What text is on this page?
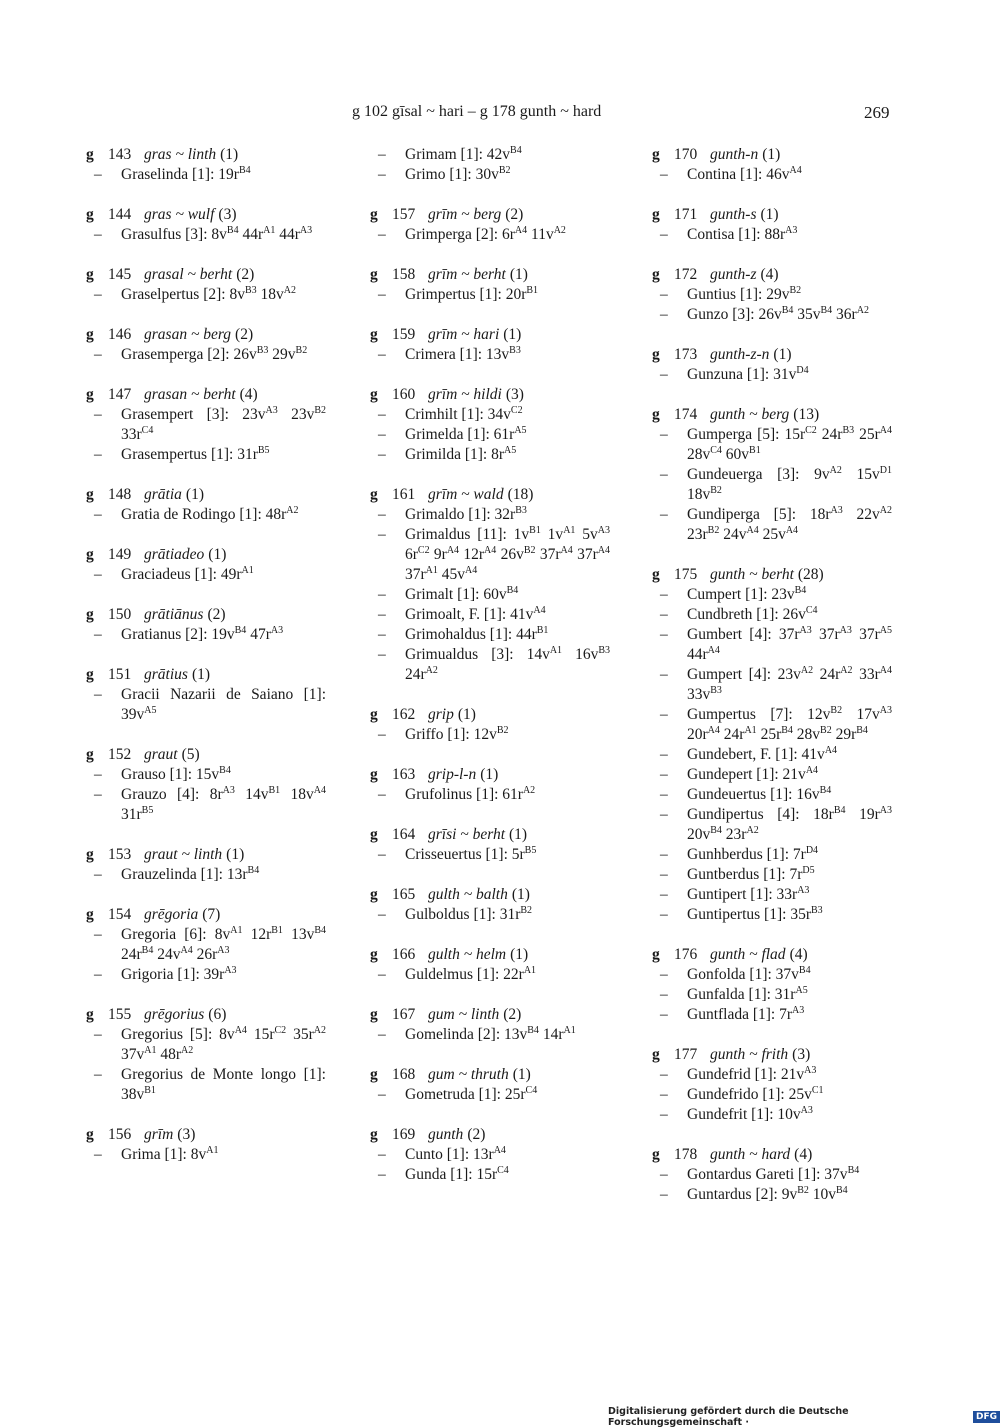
g 102 gīsal ~ hari – g 178 gunth ~ hard	269
g 143 gras ~ linth (1)
–	Graselinda [1]: $19r^{B4}$
g 144 gras ~ wulf (3)
–	Grasulfus [3]: $8v^{B4}$ $44r^{A1}$ $44r^{A3}$
g 145 grasal ~ berht (2)
–	Graselpertus [2]: $8v^{B3}$ $18v^{A2}$
g 146 grasan ~ berg (2)
–	Grasemperga [2]: $26v^{B3}$ $29v^{B2}$
g 147 grasan ~ berht (4)
–	Grasempert [3]: $23v^{A3}$ $23v^{B2}$ $33r^{C4}$
–	Grasempertus [1]: $31r^{B5}$
g 148 grātia (1)
–	Gratia de Rodingo [1]: $48r^{A2}$
g 149 grātiadeo (1)
–	Graciadeus [1]: $49r^{A1}$
g 150 grātiānus (2)
–	Gratianus [2]: $19v^{B4}$ $47r^{A3}$
g 151 grātius (1)
–	Gracii Nazarii de Saiano [1]: $39v^{A5}$
g 152 graut (5)
–	Grauso [1]: $15v^{B4}$
–	Grauzo [4]: $8r^{A3}$ $14v^{B1}$ $18v^{A4}$ $31r^{B5}$
g 153 graut ~ linth (1)
–	Grauzelinda [1]: $13r^{B4}$
g 154 grēgoria (7)
–	Gregoria [6]: $8v^{A1}$ $12r^{B1}$ $13v^{B4}$ $24r^{B4}$ $24v^{A4}$ $26r^{A3}$
–	Grigoria [1]: $39r^{A3}$
g 155 grēgorius (6)
–	Gregorius [5]: $8v^{A4}$ $15r^{C2}$ $35r^{A2}$ $37v^{A1}$ $48r^{A2}$
–	Gregorius de Monte longo [1]: $38v^{B1}$
g 156 grīm (3)
–	Grima [1]: $8v^{A1}$
–	Grimam [1]: $42v^{B4}$
–	Grimo [1]: $30v^{B2}$
g 157 grīm ~ berg (2)
–	Grimperga [2]: $6r^{A4}$ $11v^{A2}$
g 158 grīm ~ berht (1)
–	Grimpertus [1]: $20r^{B1}$
g 159 grīm ~ hari (1)
–	Crimera [1]: $13v^{B3}$
g 160 grīm ~ hildi (3)
–	Crimhilt [1]: $34v^{C2}$
–	Grimelda [1]: $61r^{A5}$
–	Grimilda [1]: $8r^{A5}$
g 161 grīm ~ wald (18)
–	Grimaldo [1]: $32r^{B3}$
–	Grimaldus [11]: $1v^{B1}$ $1v^{A1}$ $5v^{A3}$ $6r^{C2}$ $9r^{A4}$ $12r^{A4}$ $26v^{B2}$ $37r^{A4}$ $37r^{A4}$ $37r^{A1}$ $45v^{A4}$
–	Grimalt [1]: $60v^{B4}$
–	Grimoalt, F. [1]: $41v^{A4}$
–	Grimohaldus [1]: $44r^{B1}$
–	Grimualdus [3]: $14v^{A1}$ $16v^{B3}$ $24r^{A2}$
g 162 grip (1)
–	Griffo [1]: $12v^{B2}$
g 163 grip-l-n (1)
–	Grufolinus [1]: $61r^{A2}$
g 164 grīsi ~ berht (1)
–	Crisseuertus [1]: $5r^{B5}$
g 165 gulth ~ balth (1)
–	Gulboldus [1]: $31r^{B2}$
g 166 gulth ~ helm (1)
–	Guldelmus [1]: $22r^{A1}$
g 167 gum ~ linth (2)
–	Gomelinda [2]: $13v^{B4}$ $14r^{A1}$
g 168 gum ~ thruth (1)
–	Gometruda [1]: $25r^{C4}$
g 169 gunth (2)
–	Cunto [1]: $13r^{A4}$
–	Gunda [1]: $15r^{C4}$
g 170 gunth-n (1)
–	Contina [1]: $46v^{A4}$
g 171 gunth-s (1)
–	Contisa [1]: $88r^{A3}$
g 172 gunth-z (4)
–	Guntius [1]: $29v^{B2}$
–	Gunzo [3]: $26v^{B4}$ $35v^{B4}$ $36r^{A2}$
g 173 gunth-z-n (1)
–	Gunzuna [1]: $31v^{D4}$
g 174 gunth ~ berg (13)
–	Gumperga [5]: $15r^{C2}$ $24r^{B3}$ $25r^{A4}$ $28v^{C4}$ $60v^{B1}$
–	Gundeuerga [3]: $9v^{A2}$ $15v^{D1}$ $18v^{B2}$
–	Gundiperga [5]: $18r^{A3}$ $22v^{A2}$ $23r^{B2}$ $24v^{A4}$ $25v^{A4}$
g 175 gunth ~ berht (28)
–	Cumpert [1]: $23v^{B4}$
–	Cundbreth [1]: $26v^{C4}$
–	Gumbert [4]: $37r^{A3}$ $37r^{A3}$ $37r^{A5}$ $44r^{A4}$
–	Gumpert [4]: $23v^{A2}$ $24r^{A2}$ $33r^{A4}$ $33v^{B3}$
–	Gumpertus [7]: $12v^{B2}$ $17v^{A3}$ $20r^{A4}$ $24r^{A1}$ $25r^{B4}$ $28v^{B2}$ $29r^{B4}$
–	Gundebert, F. [1]: $41v^{A4}$
–	Gundepert [1]: $21v^{A4}$
–	Gundeuertus [1]: $16v^{B4}$
–	Gundipertus [4]: $18r^{B4}$ $19r^{A3}$ $20v^{B4}$ $23r^{A2}$
–	Gunhberdus [1]: $7r^{D4}$
–	Guntberdus [1]: $7r^{D5}$
–	Guntipert [1]: $33r^{A3}$
–	Guntipertus [1]: $35r^{B3}$
g 176 gunth ~ flad (4)
–	Gonfolda [1]: $37v^{B4}$
–	Gunfalda [1]: $31r^{A5}$
–	Guntflada [1]: $7r^{A3}$
g 177 gunth ~ frith (3)
–	Gundefrid [1]: $21v^{A3}$
–	Gundefrido [1]: $25v^{C1}$
–	Gundefrit [1]: $10v^{A3}$
g 178 gunth ~ hard (4)
–	Gontardus Gareti [1]: $37v^{B4}$
–	Guntardus [2]: $9v^{B2}$ $10v^{B4}$
Digitalisierung gefördert durch die Deutsche Forschungsgemeinschaft ·	DFG
